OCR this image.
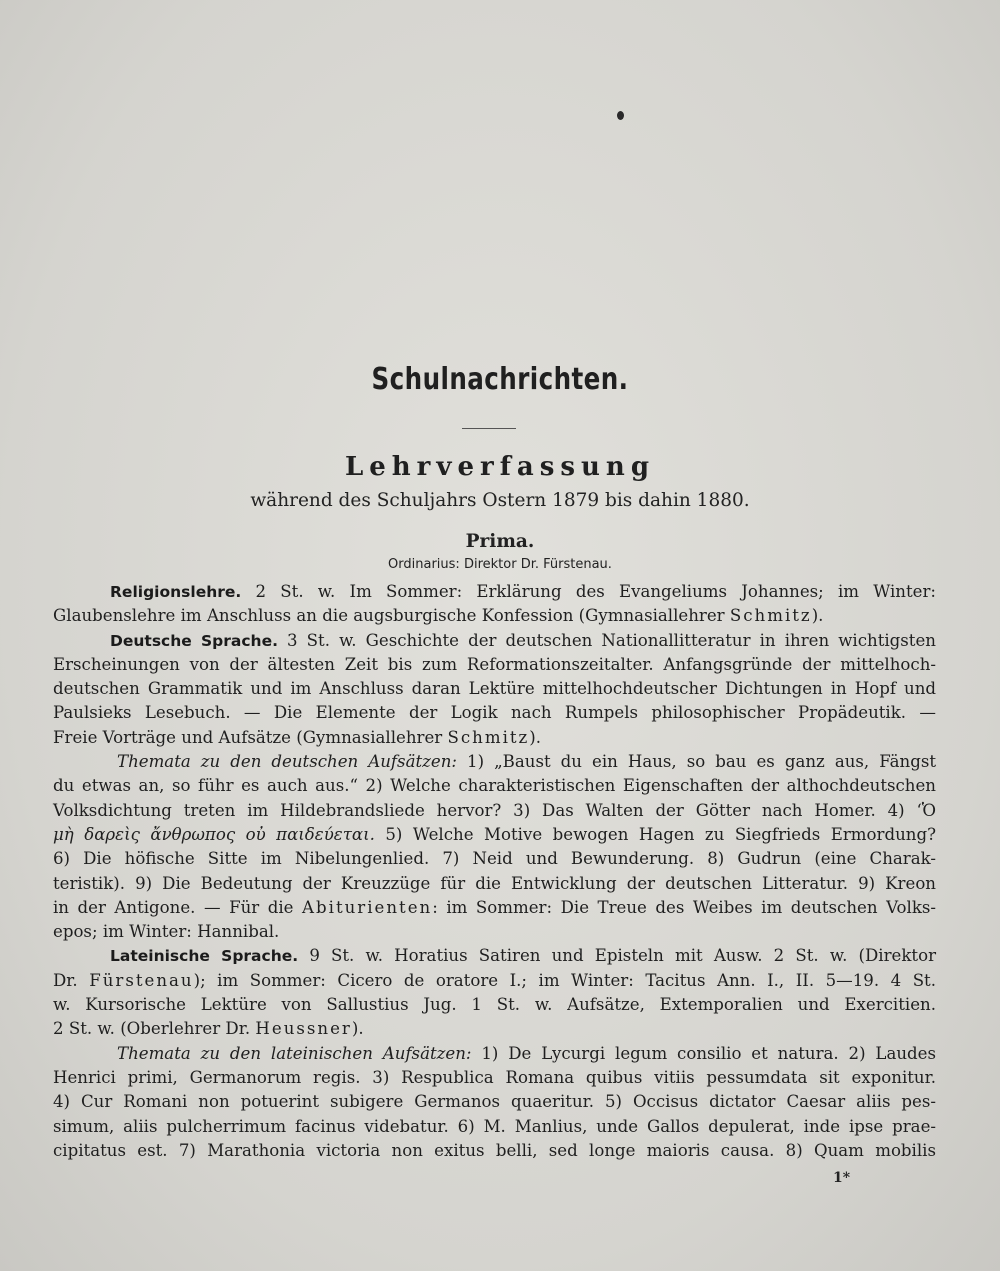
Schulnachrichten.
Lehrverfassung
während des Schuljahrs Ostern 1879 bis dahin 1880.
Prima.
Ordinarius: Direktor Dr. Fürstenau.
Religionslehre. 2 St. w. Im Sommer: Erklärung des Evangeliums Johannes; im Winter:
Glaubenslehre im Anschluss an die augsburgische Konfession (Gymnasiallehrer Schmitz).
Deutsche Sprache. 3 St. w. Geschichte der deutschen Nationallitteratur in ihren wichtigsten
Erscheinungen von der ältesten Zeit bis zum Reformationszeitalter. Anfangsgründe der mittelhoch-
deutschen Grammatik und im Anschluss daran Lektüre mittelhochdeutscher Dichtungen in Hopf und
Paulsieks Lesebuch. — Die Elemente der Logik nach Rumpels philosophischer Propädeutik. —
Freie Vorträge und Aufsätze (Gymnasiallehrer Schmitz).
Themata zu den deutschen Aufsätzen: 1) „Baust du ein Haus, so bau es ganz aus, Fängst
du etwas an, so führ es auch aus.“ 2) Welche charakteristischen Eigenschaften der althochdeutschen
Volksdichtung treten im Hildebrandsliede hervor? 3) Das Walten der Götter nach Homer. 4) ‘Ὁ
μὴ δαρεὶς ἄνθρωπος οὐ παιδεύεται. 5) Welche Motive bewogen Hagen zu Siegfrieds Ermordung?
6) Die höfische Sitte im Nibelungenlied. 7) Neid und Bewunderung. 8) Gudrun (eine Charak-
teristik). 9) Die Bedeutung der Kreuzzüge für die Entwicklung der deutschen Litteratur. 9) Kreon
in der Antigone. — Für die Abiturienten: im Sommer: Die Treue des Weibes im deutschen Volks-
epos; im Winter: Hannibal.
Lateinische Sprache. 9 St. w. Horatius Satiren und Episteln mit Ausw. 2 St. w. (Direktor
Dr. Fürstenau); im Sommer: Cicero de oratore I.; im Winter: Tacitus Ann. I., II. 5—19. 4 St.
w. Kursorische Lektüre von Sallustius Jug. 1 St. w. Aufsätze, Extemporalien und Exercitien.
2 St. w. (Oberlehrer Dr. Heussner).
Themata zu den lateinischen Aufsätzen: 1) De Lycurgi legum consilio et natura. 2) Laudes
Henrici primi, Germanorum regis. 3) Respublica Romana quibus vitiis pessumdata sit exponitur.
4) Cur Romani non potuerint subigere Germanos quaeritur. 5) Occisus dictator Caesar aliis pes-
simum, aliis pulcherrimum facinus videbatur. 6) M. Manlius, unde Gallos depulerat, inde ipse prae-
cipitatus est. 7) Marathonia victoria non exitus belli, sed longe maioris causa. 8) Quam mobilis
1*
